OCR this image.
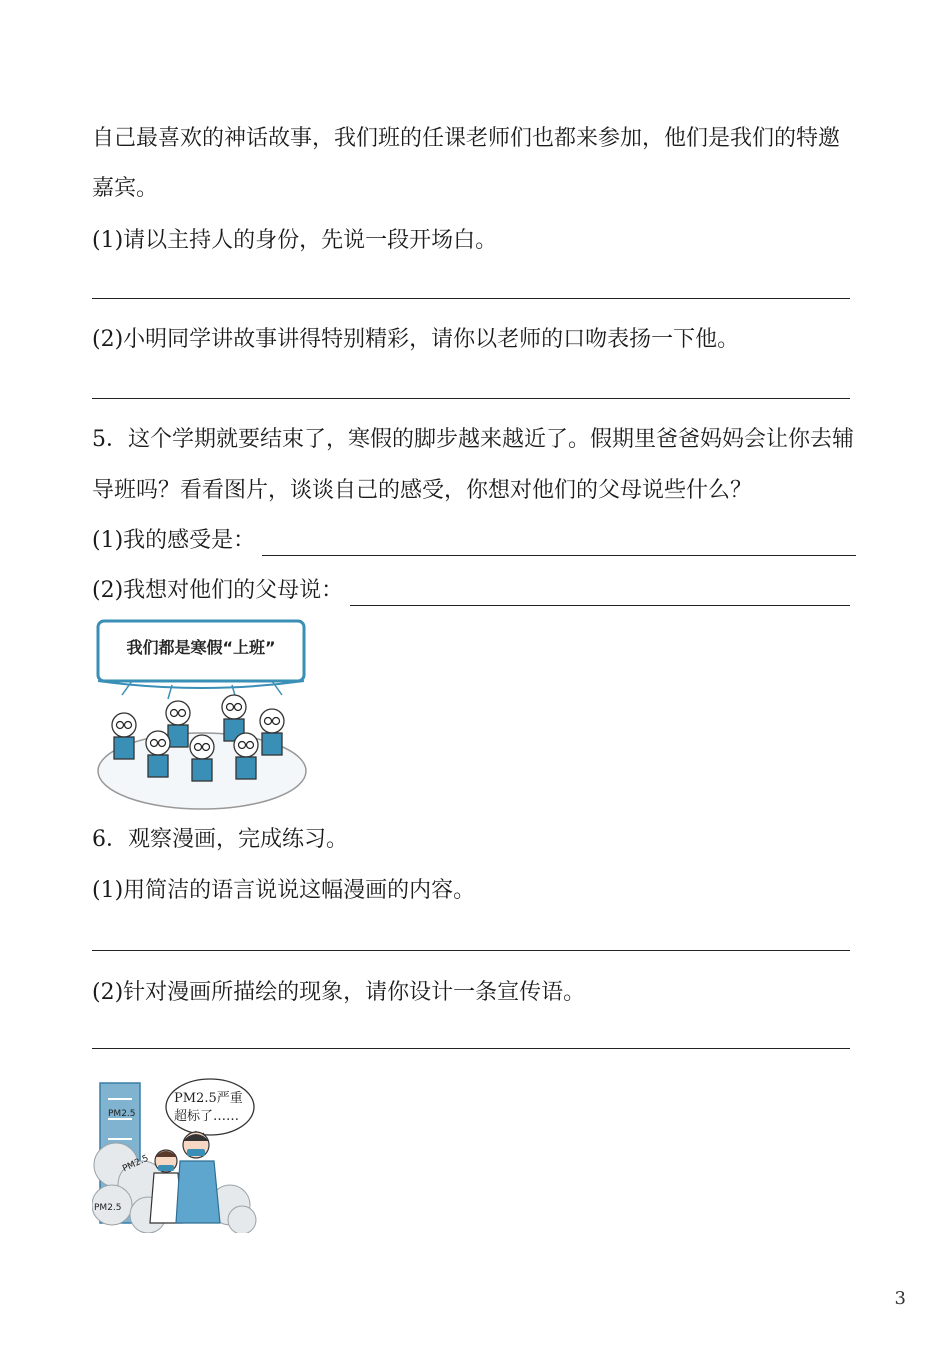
自己最喜欢的神话故事，我们班的任课老师们也都来参加，他们是我们的特邀
嘉宾。
(1)请以主持人的身份，先说一段开场白。
(2)小明同学讲故事讲得特别精彩，请你以老师的口吻表扬一下他。
5．这个学期就要结束了，寒假的脚步越来越近了。假期里爸爸妈妈会让你去辅
导班吗？看看图片，谈谈自己的感受，你想对他们的父母说些什么？
(1)我的感受是：
(2)我想对他们的父母说：
我们都是寒假“上班”
6．观察漫画，完成练习。
(1)用简洁的语言说说这幅漫画的内容。
(2)针对漫画所描绘的现象，请你设计一条宣传语。
PM2.5严重
超标了……
PM2.5
PM2.5
PM2.5
3
